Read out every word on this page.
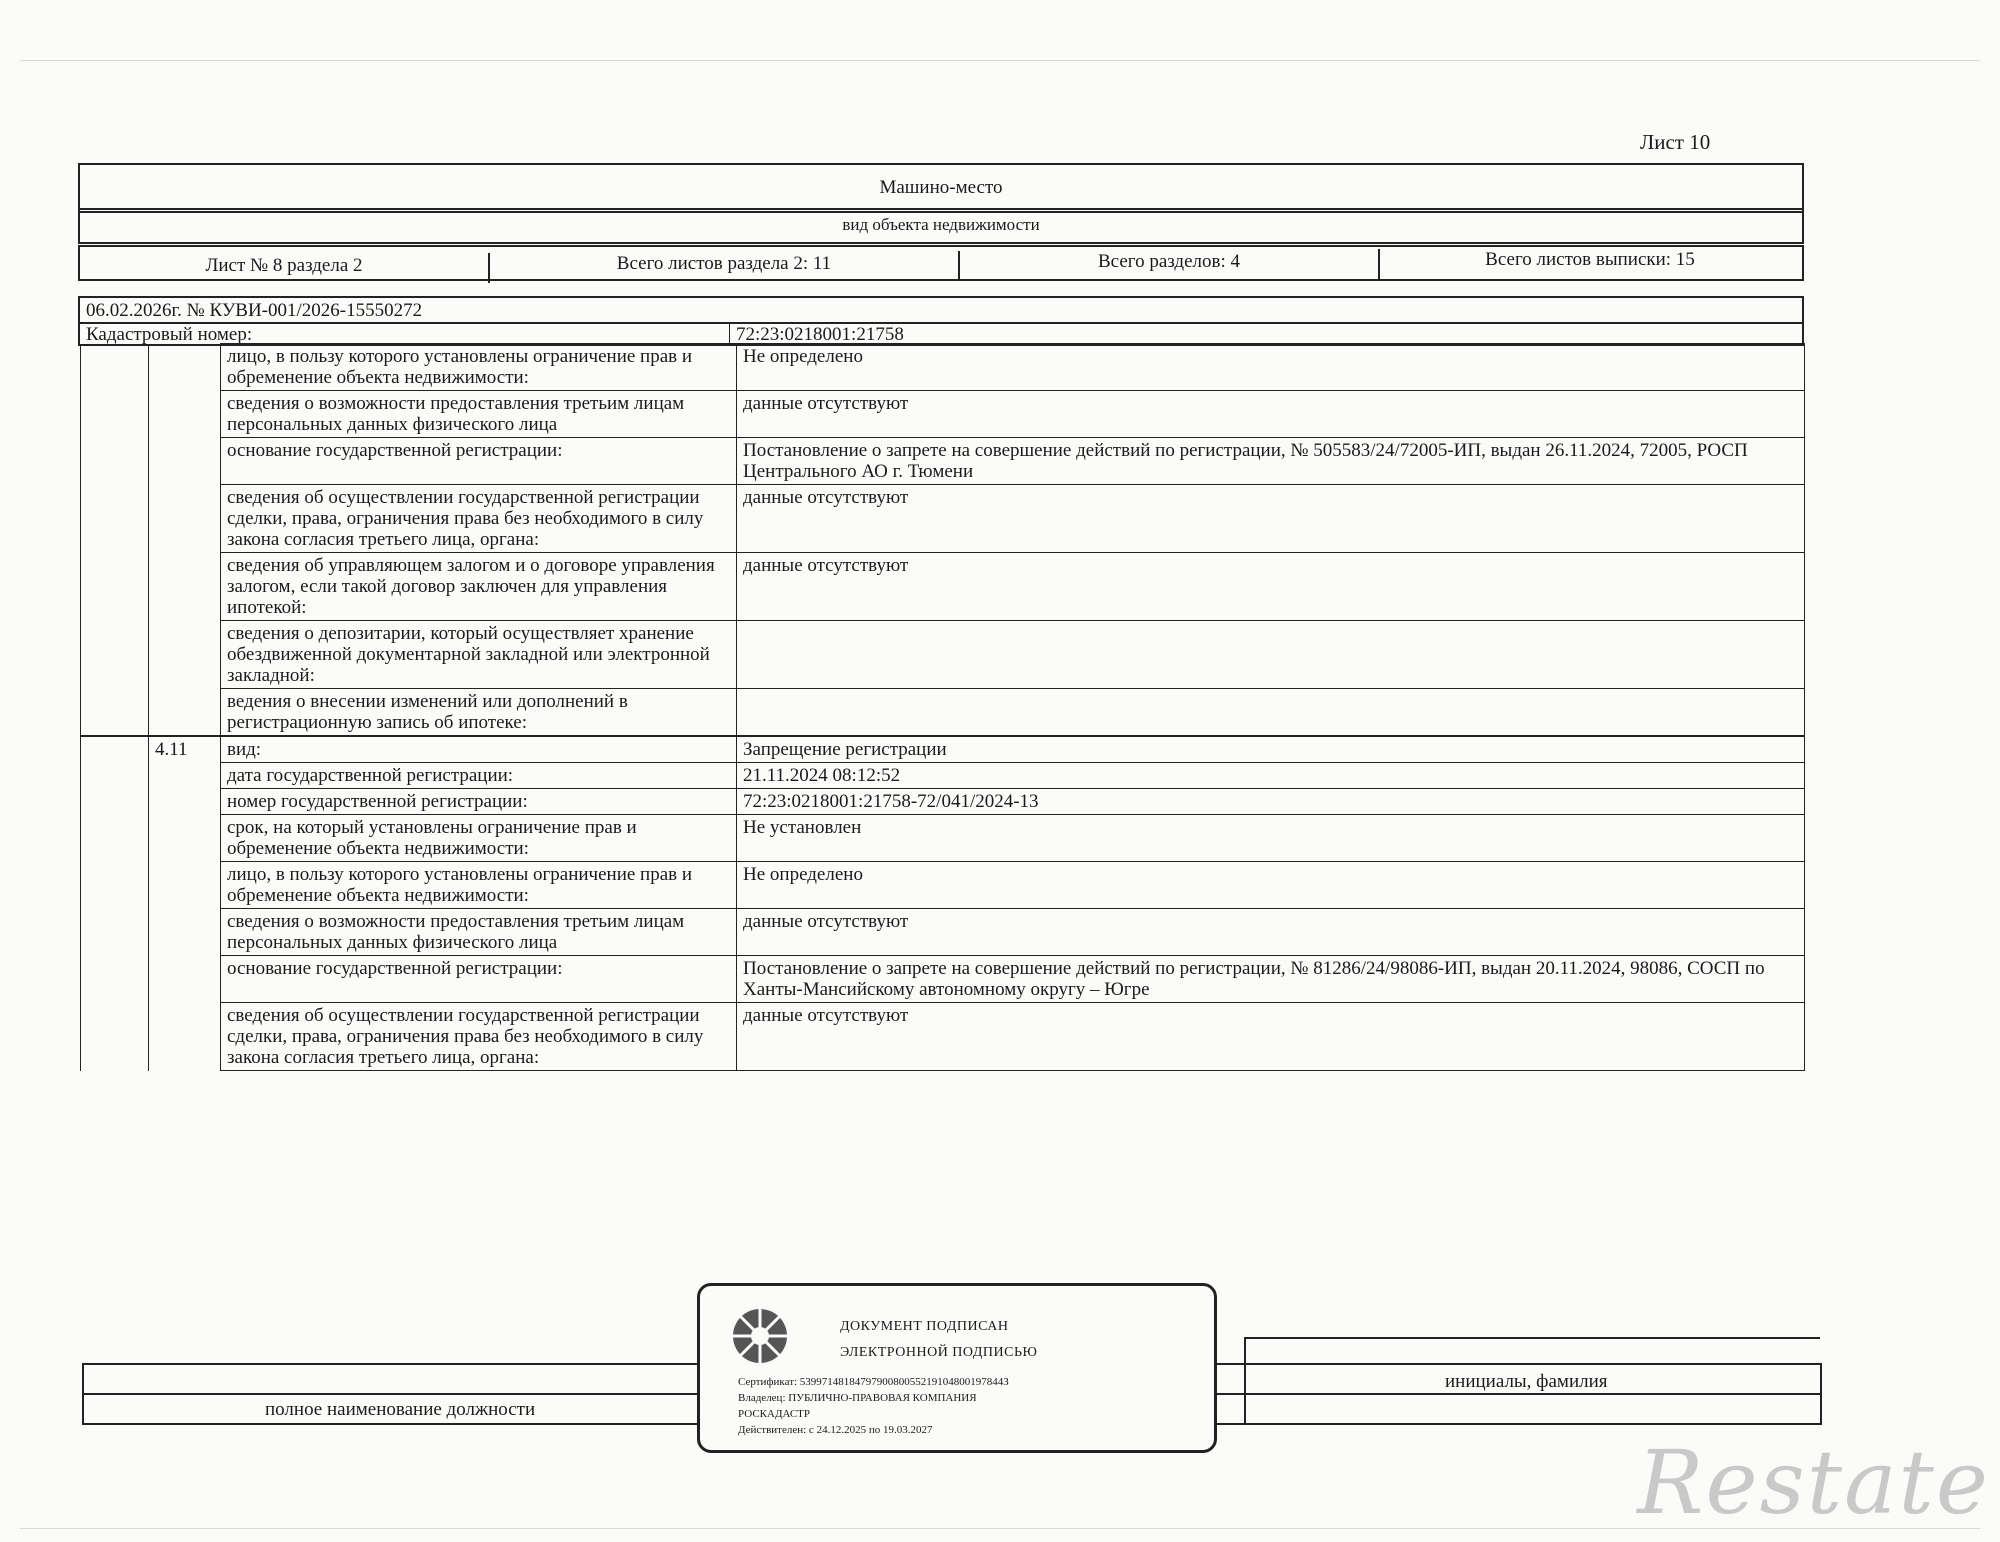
Лист 10
Машино-место
вид объекта недвижимости
Лист № 8 раздела 2	Всего листов раздела 2: 11	Всего разделов: 4	Всего листов выписки: 15
06.02.2026г. № КУВИ-001/2026-15550272
Кадастровый номер:	72:23:0218001:21758
		лицо, в пользу которого установлены ограничение прав и обременение объекта недвижимости:	Не определено
		сведения о возможности предоставления третьим лицам персональных данных физического лица	данные отсутствуют
		основание государственной регистрации:	Постановление о запрете на совершение действий по регистрации, № 505583/24/72005-ИП, выдан 26.11.2024, 72005, РОСП Центрального АО г. Тюмени
		сведения об осуществлении государственной регистрации сделки, права, ограничения права без необходимого в силу закона согласия третьего лица, органа:	данные отсутствуют
		сведения об управляющем залогом и о договоре управления залогом, если такой договор заключен для управления ипотекой:	данные отсутствуют
		сведения о депозитарии, который осуществляет хранение обездвиженной документарной закладной или электронной закладной:	
		ведения о внесении изменений или дополнений в регистрационную запись об ипотеке:	
	4.11	вид:	Запрещение регистрации
		дата государственной регистрации:	21.11.2024 08:12:52
		номер государственной регистрации:	72:23:0218001:21758-72/041/2024-13
		срок, на который установлены ограничение прав и обременение объекта недвижимости:	Не установлен
		лицо, в пользу которого установлены ограничение прав и обременение объекта недвижимости:	Не определено
		сведения о возможности предоставления третьим лицам персональных данных физического лица	данные отсутствуют
		основание государственной регистрации:	Постановление о запрете на совершение действий по регистрации, № 81286/24/98086-ИП, выдан 20.11.2024, 98086, СОСП по Ханты-Мансийскому автономному округу – Югре
		сведения об осуществлении государственной регистрации сделки, права, ограничения права без необходимого в силу закона согласия третьего лица, органа:	данные отсутствуют
полное наименование должности
инициалы, фамилия
ДОКУМЕНТ ПОДПИСАН
ЭЛЕКТРОННОЙ ПОДПИСЬЮ
Сертификат: 5399714818479790080055219104800197844З
Владелец: ПУБЛИЧНО-ПРАВОВАЯ КОМПАНИЯ РОСКАДАСТР
Действителен: с 24.12.2025 по 19.03.2027
Restate
